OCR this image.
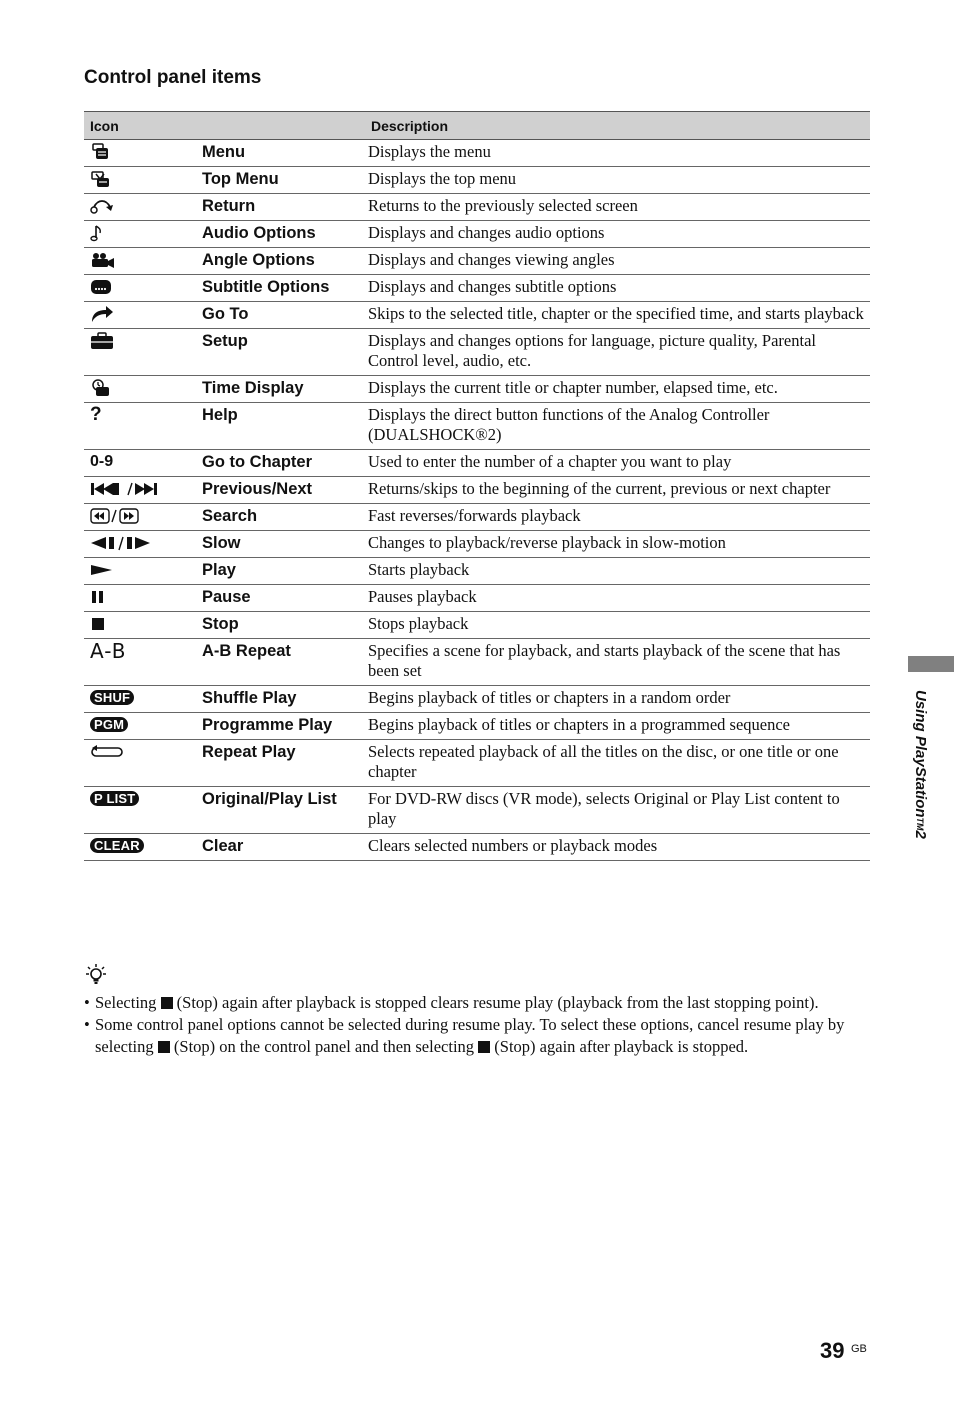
Control panel items
Icon		Description

	Menu	Displays the menu

	Top Menu	Displays the top menu

	Return	Returns to the previously selected screen

	Audio Options	Displays and changes audio options

	Angle Options	Displays and changes viewing angles

	Subtitle Options	Displays and changes subtitle options

	Go To	Skips to the selected title, chapter or the specified time, and starts playback

	Setup	Displays and changes options for language, picture quality, Parental Control level, audio, etc.

	Time Display	Displays the current title or chapter number, elapsed time, etc.
?	Help	Displays the direct button functions of the Analog Controller (DUALSHOCK®2)
0-9	Go to Chapter	Used to enter the number of a chapter you want to play

	Previous/Next	Returns/skips to the beginning of the current, previous or next chapter

	Search	Fast reverses/forwards playback

	Slow	Changes to playback/reverse playback in slow-motion

	Play	Starts playback

	Pause	Pauses playback

	Stop	Stops playback
A-B	A-B Repeat	Specifies a scene for playback, and starts playback of the scene that has been set
SHUF	Shuffle Play	Begins playback of titles or chapters in a random order
PGM	Programme Play	Begins playback of titles or chapters in a programmed sequence

	Repeat Play	Selects repeated playback of all the titles on the disc, or one title or one chapter
P LIST	Original/Play List	For DVD-RW discs (VR mode), selects Original or Play List content to play
CLEAR	Clear	Clears selected numbers or playback modes
• Selecting (Stop) again after playback is stopped clears resume play (playback from the last stopping point).
• Some control panel options cannot be selected during resume play. To select these options, cancel resume play by selecting (Stop) on the control panel and then selecting (Stop) again after playback is stopped.
Using PlayStationTM2
39 GB
